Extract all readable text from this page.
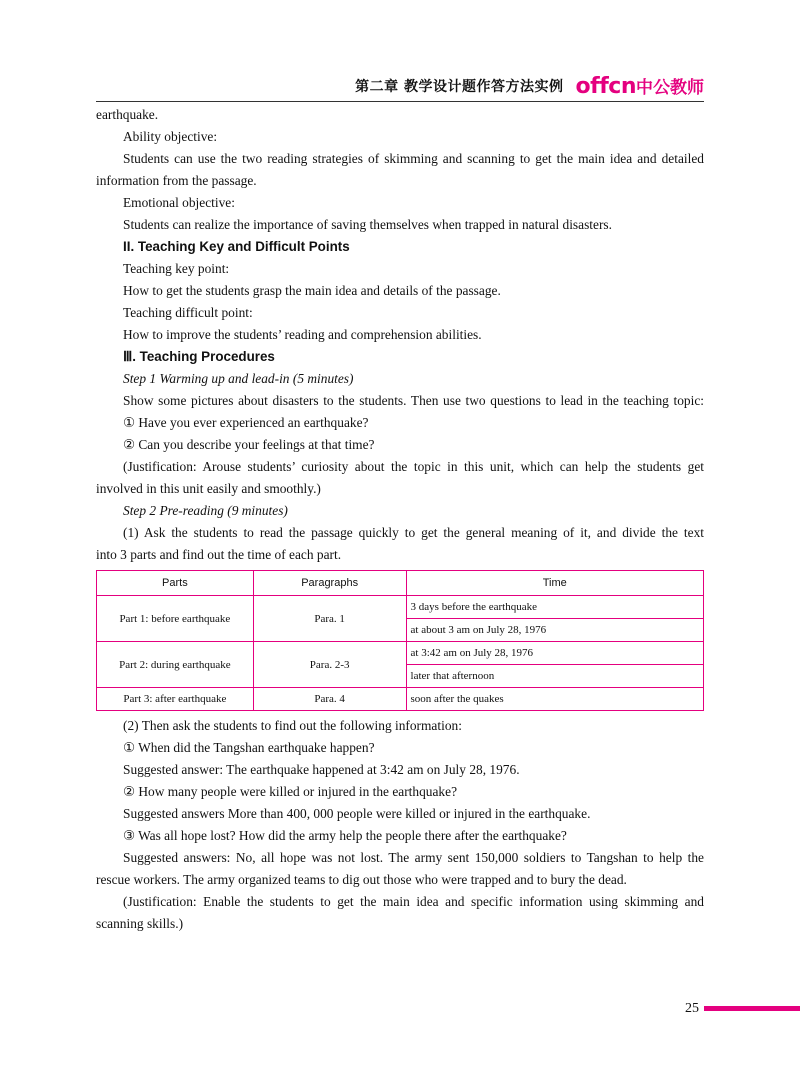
第二章 教学设计题作答方法实例 offcn 中公教师
earthquake.
Ability objective:
Students can use the two reading strategies of skimming and scanning to get the main idea and detailed
information from the passage.
Emotional objective:
Students can realize the importance of saving themselves when trapped in natural disasters.
II. Teaching Key and Difficult Points
Teaching key point:
How to get the students grasp the main idea and details of the passage.
Teaching difficult point:
How to improve the students’ reading and comprehension abilities.
Ⅲ. Teaching Procedures
Step 1 Warming up and lead-in (5 minutes)
Show some pictures about disasters to the students. Then use two questions to lead in the teaching topic:
① Have you ever experienced an earthquake?
② Can you describe your feelings at that time?
(Justification: Arouse students’ curiosity about the topic in this unit, which can help the students get
involved in this unit easily and smoothly.)
Step 2 Pre-reading (9 minutes)
(1) Ask the students to read the passage quickly to get the general meaning of it, and divide the text
into 3 parts and find out the time of each part.
Parts	Paragraphs	Time
Part 1: before earthquake	Para. 1	3 days before the earthquake
		at about 3 am on July 28, 1976
Part 2: during earthquake	Para. 2-3	at 3:42 am on July 28, 1976
		later that afternoon
Part 3: after earthquake	Para. 4	soon after the quakes
(2) Then ask the students to find out the following information:
① When did the Tangshan earthquake happen?
Suggested answer: The earthquake happened at 3:42 am on July 28, 1976.
② How many people were killed or injured in the earthquake?
Suggested answers More than 400, 000 people were killed or injured in the earthquake.
③ Was all hope lost? How did the army help the people there after the earthquake?
Suggested answers: No, all hope was not lost. The army sent 150,000 soldiers to Tangshan to help the
rescue workers. The army organized teams to dig out those who were trapped and to bury the dead.
(Justification: Enable the students to get the main idea and specific information using skimming and
scanning skills.)
25
